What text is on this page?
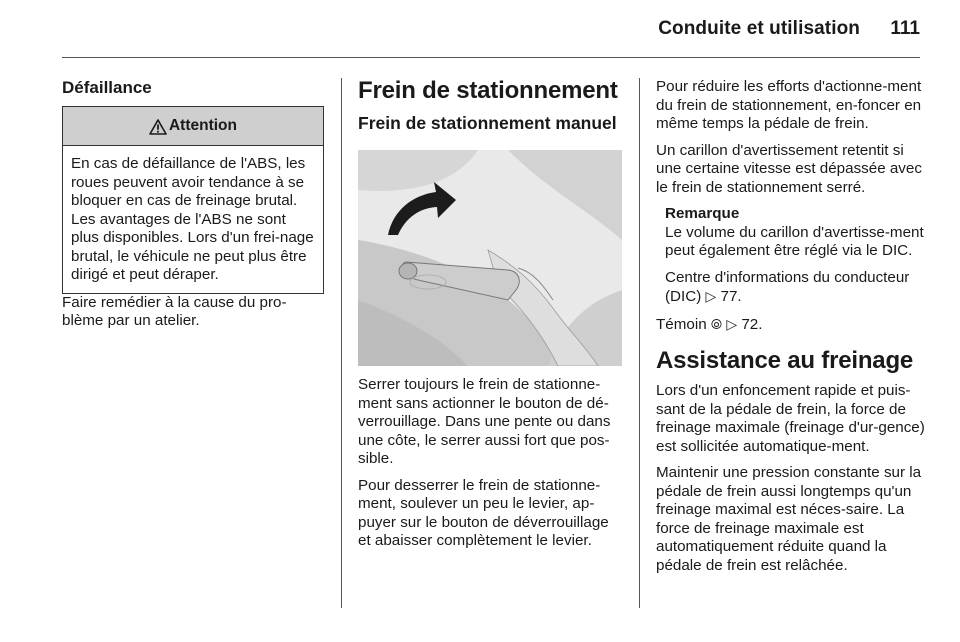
Conduite et utilisation 111
Défaillance
Attention
En cas de défaillance de l'ABS, les roues peuvent avoir tendance à se bloquer en cas de freinage brutal. Les avantages de l'ABS ne sont plus disponibles. Lors d'un frei-nage brutal, le véhicule ne peut plus être dirigé et peut déraper.

Faire remédier à la cause du pro-blème par un atelier.

Frein de stationnement
Frein de stationnement manuel

Serrer toujours le frein de stationne-ment sans actionner le bouton de dé-verrouillage. Dans une pente ou dans une côte, le serrer aussi fort que pos-sible.

Pour desserrer le frein de stationne-ment, soulever un peu le levier, ap-puyer sur le bouton de déverrouillage et abaisser complètement le levier.

Pour réduire les efforts d'actionne-ment du frein de stationnement, en-foncer en même temps la pédale de frein.

Un carillon d'avertissement retentit si une certaine vitesse est dépassée avec le frein de stationnement serré.

Remarque

Le volume du carillon d'avertisse-ment peut également être réglé via le DIC.

Centre d'informations du conducteur (DIC) ▷ 77.

Témoin ⦾ ▷ 72.

Assistance au freinage

Lors d'un enfoncement rapide et puis-sant de la pédale de frein, la force de freinage maximale (freinage d'ur-gence) est sollicitée automatique-ment.

Maintenir une pression constante sur la pédale de frein aussi longtemps qu'un freinage maximal est néces-saire. La force de freinage maximale est automatiquement réduite quand la pédale de frein est relâchée.
